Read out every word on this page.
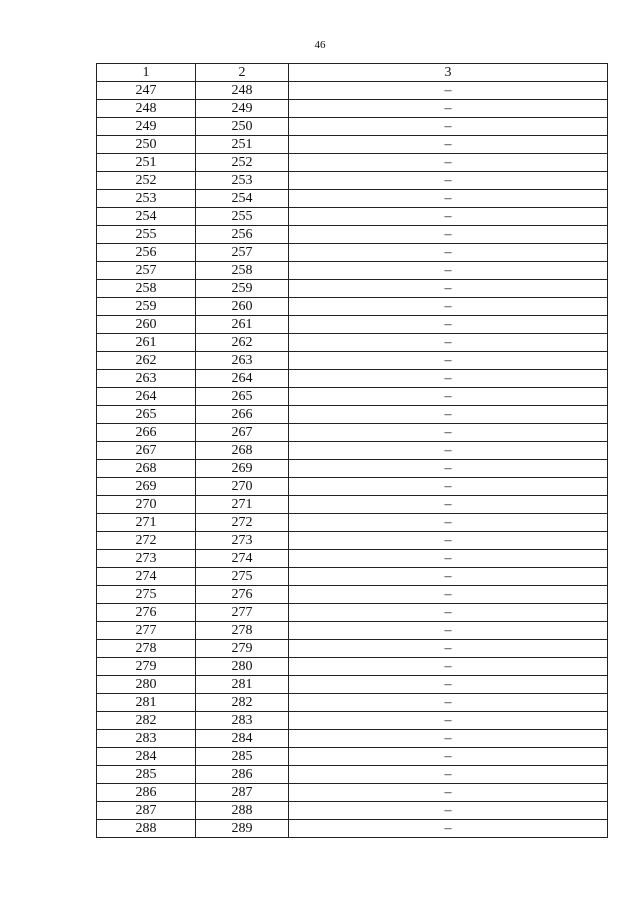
46
1	2	3
247	248	–
248	249	–
249	250	–
250	251	–
251	252	–
252	253	–
253	254	–
254	255	–
255	256	–
256	257	–
257	258	–
258	259	–
259	260	–
260	261	–
261	262	–
262	263	–
263	264	–
264	265	–
265	266	–
266	267	–
267	268	–
268	269	–
269	270	–
270	271	–
271	272	–
272	273	–
273	274	–
274	275	–
275	276	–
276	277	–
277	278	–
278	279	–
279	280	–
280	281	–
281	282	–
282	283	–
283	284	–
284	285	–
285	286	–
286	287	–
287	288	–
288	289	–
